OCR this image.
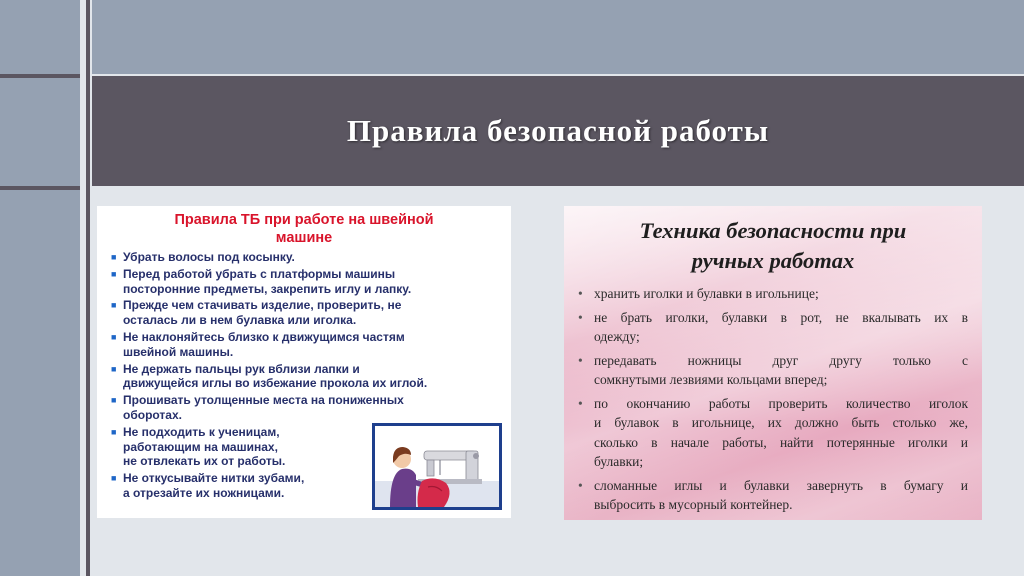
Правила безопасной работы
Правила ТБ при работе на швейной
машине
■ Убрать волосы под косынку.
■ Перед работой убрать с платформы машины
посторонние предметы, закрепить иглу и лапку.
■ Прежде чем стачивать изделие, проверить, не
осталась ли в нем булавка или иголка.
■ Не наклоняйтесь близко к движущимся частям
швейной машины.
■ Не держать пальцы рук вблизи лапки и
движущейся иглы во избежание прокола их иглой.
■ Прошивать утолщенные места на пониженных
оборотах.
■ Не подходить к ученицам,
работающим на машинах,
не отвлекать их от работы.
■ Не откусывайте нитки зубами,
а отрезайте их ножницами.
Техника безопасности при
ручных работах
• хранить иголки и булавки в игольнице;
• не брать иголки, булавки в рот, не вкалывать их в
одежду;
• передавать ножницы друг другу только с
сомкнутыми лезвиями кольцами вперед;
• по окончанию работы проверить количество иголок
и булавок в игольнице, их должно быть столько же,
сколько в начале работы, найти потерянные иголки и
булавки;
• сломанные иглы и булавки завернуть в бумагу и
выбросить в мусорный контейнер.
